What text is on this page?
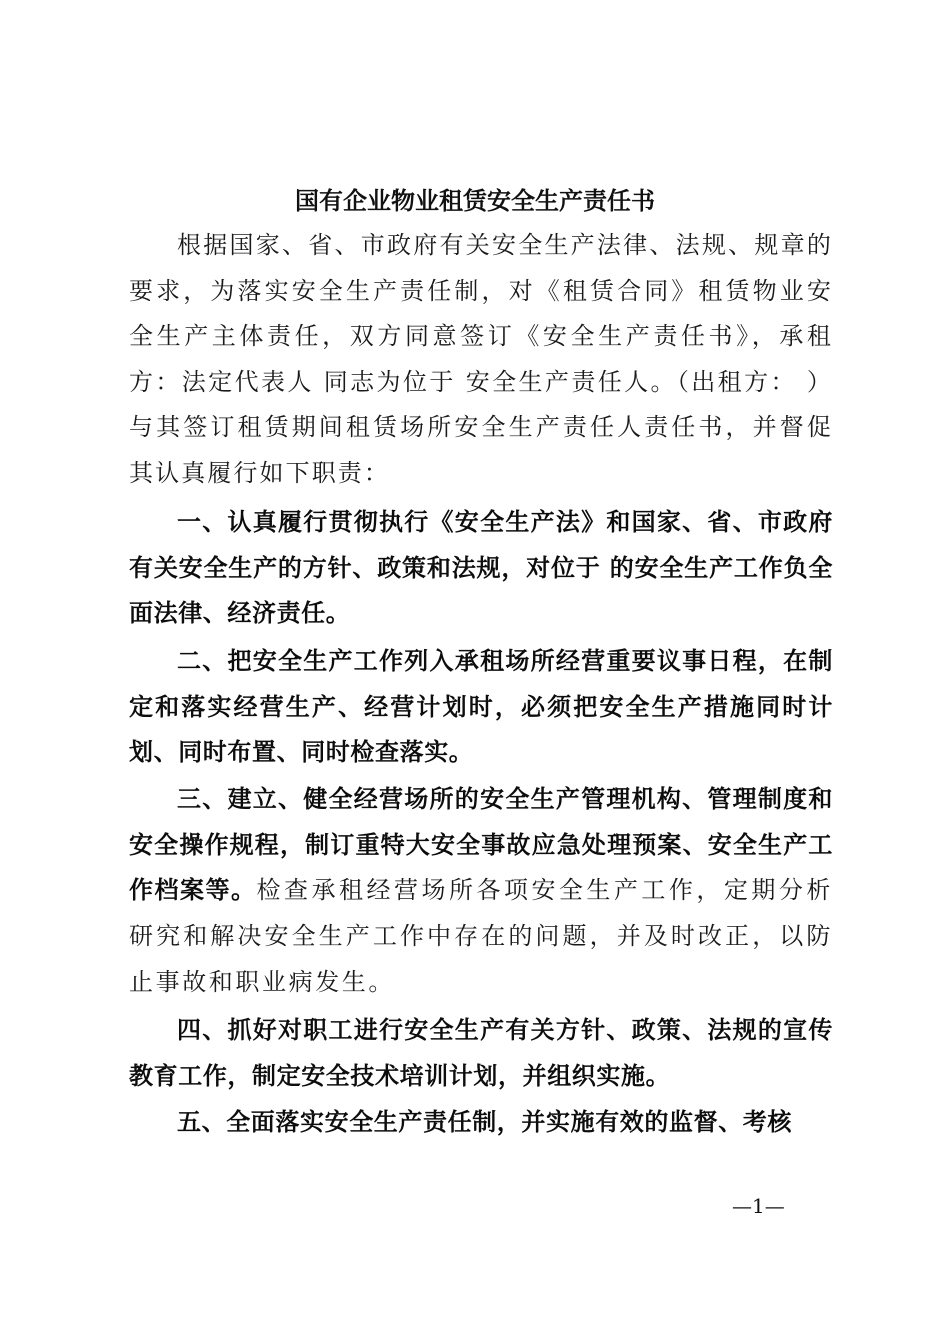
国有企业物业租赁安全生产责任书

根据国家、省、市政府有关安全生产法律、法规、规章的要求，为落实安全生产责任制，对《租赁合同》租赁物业安全生产主体责任，双方同意签订《安全生产责任书》，承租方：法定代表人 同志为位于 安全生产责任人。（出租方： ）与其签订租赁期间租赁场所安全生产责任人责任书，并督促其认真履行如下职责：

一、认真履行贯彻执行《安全生产法》和国家、省、市政府有关安全生产的方针、政策和法规，对位于 的安全生产工作负全面法律、经济责任。

二、把安全生产工作列入承租场所经营重要议事日程，在制定和落实经营生产、经营计划时，必须把安全生产措施同时计划、同时布置、同时检查落实。

三、建立、健全经营场所的安全生产管理机构、管理制度和安全操作规程，制订重特大安全事故应急处理预案、安全生产工作档案等。检查承租经营场所各项安全生产工作，定期分析研究和解决安全生产工作中存在的问题，并及时改正，以防止事故和职业病发生。

四、抓好对职工进行安全生产有关方针、政策、法规的宣传教育工作，制定安全技术培训计划，并组织实施。

五、全面落实安全生产责任制，并实施有效的监督、考核

—1—
